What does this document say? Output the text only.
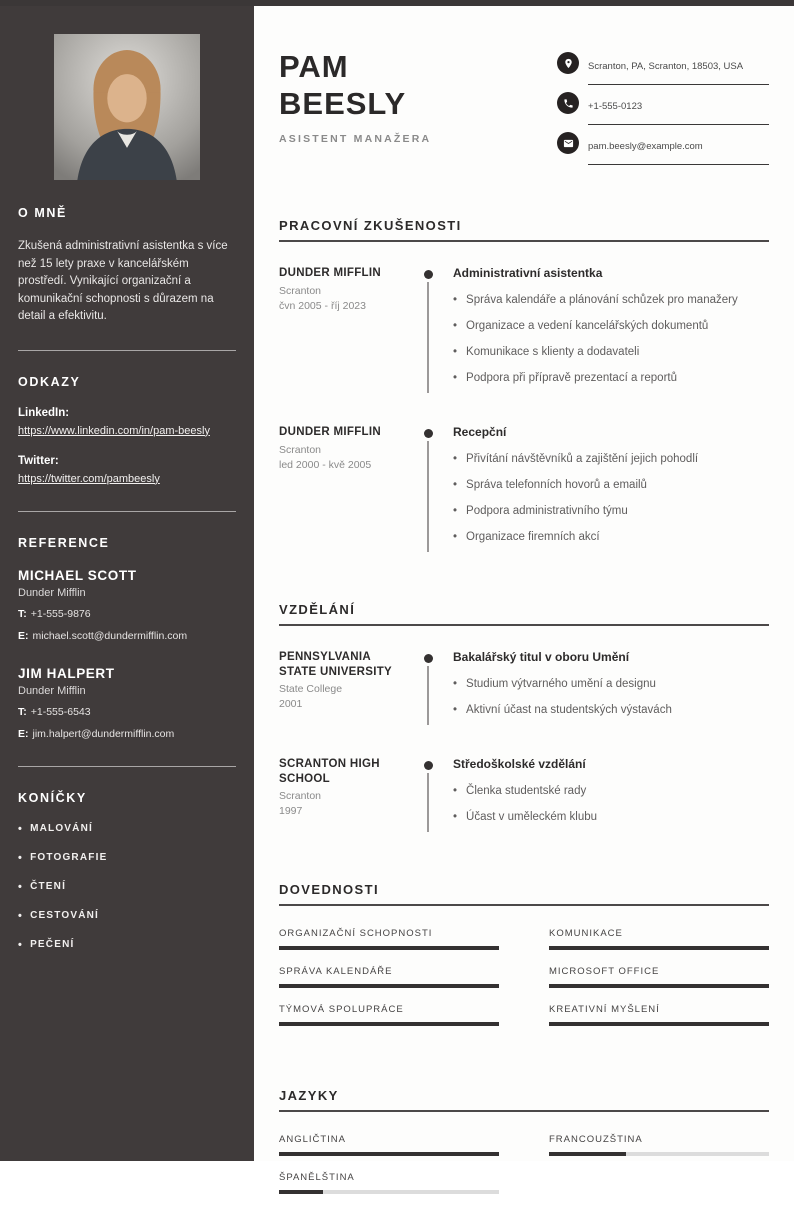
O MNĚ

Zkušená administrativní asistentka s více než 15 lety praxe v kancelářském prostředí. Vynikající organizační a komunikační schopnosti s důrazem na detail a efektivitu.

ODKAZY
LinkedIn:
https://www.linkedin.com/in/pam-beesly
Twitter:
https://twitter.com/pambeesly
REFERENCE
MICHAEL SCOTT
Dunder Mifflin
T: +1-555-9876
E: michael.scott@dundermifflin.com
JIM HALPERT
Dunder Mifflin
T: +1-555-6543
E: jim.halpert@dundermifflin.com
KONÍČKY
• MALOVÁNÍ
• FOTOGRAFIE
• ČTENÍ
• CESTOVÁNÍ
• PEČENÍ
PAM
BEESLY
ASISTENT MANAŽERA
Scranton, PA, Scranton, 18503, USA
+1-555-0123
pam.beesly@example.com
PRACOVNÍ ZKUŠENOSTI
DUNDER MIFFLIN
Scranton
čvn 2005 - říj 2023
Administrativní asistentka
• Správa kalendáře a plánování schůzek pro manažery
• Organizace a vedení kancelářských dokumentů
• Komunikace s klienty a dodavateli
• Podpora při přípravě prezentací a reportů
DUNDER MIFFLIN
Scranton
led 2000 - kvě 2005
Recepční
• Přivítání návštěvníků a zajištění jejich pohodlí
• Správa telefonních hovorů a emailů
• Podpora administrativního týmu
• Organizace firemních akcí
VZDĚLÁNÍ
PENNSYLVANIA STATE UNIVERSITY
State College
2001
Bakalářský titul v oboru Umění
• Studium výtvarného umění a designu
• Aktivní účast na studentských výstavách
SCRANTON HIGH SCHOOL
Scranton
1997
Středoškolské vzdělání
• Členka studentské rady
• Účast v uměleckém klubu
DOVEDNOSTI
ORGANIZAČNÍ SCHOPNOSTI	KOMUNIKACE
SPRÁVA KALENDÁŘE	MICROSOFT OFFICE
TÝMOVÁ SPOLUPRÁCE	KREATIVNÍ MYŠLENÍ
JAZYKY
ANGLIČTINA	FRANCOUZŠTINA
ŠPANĚLŠTINA
